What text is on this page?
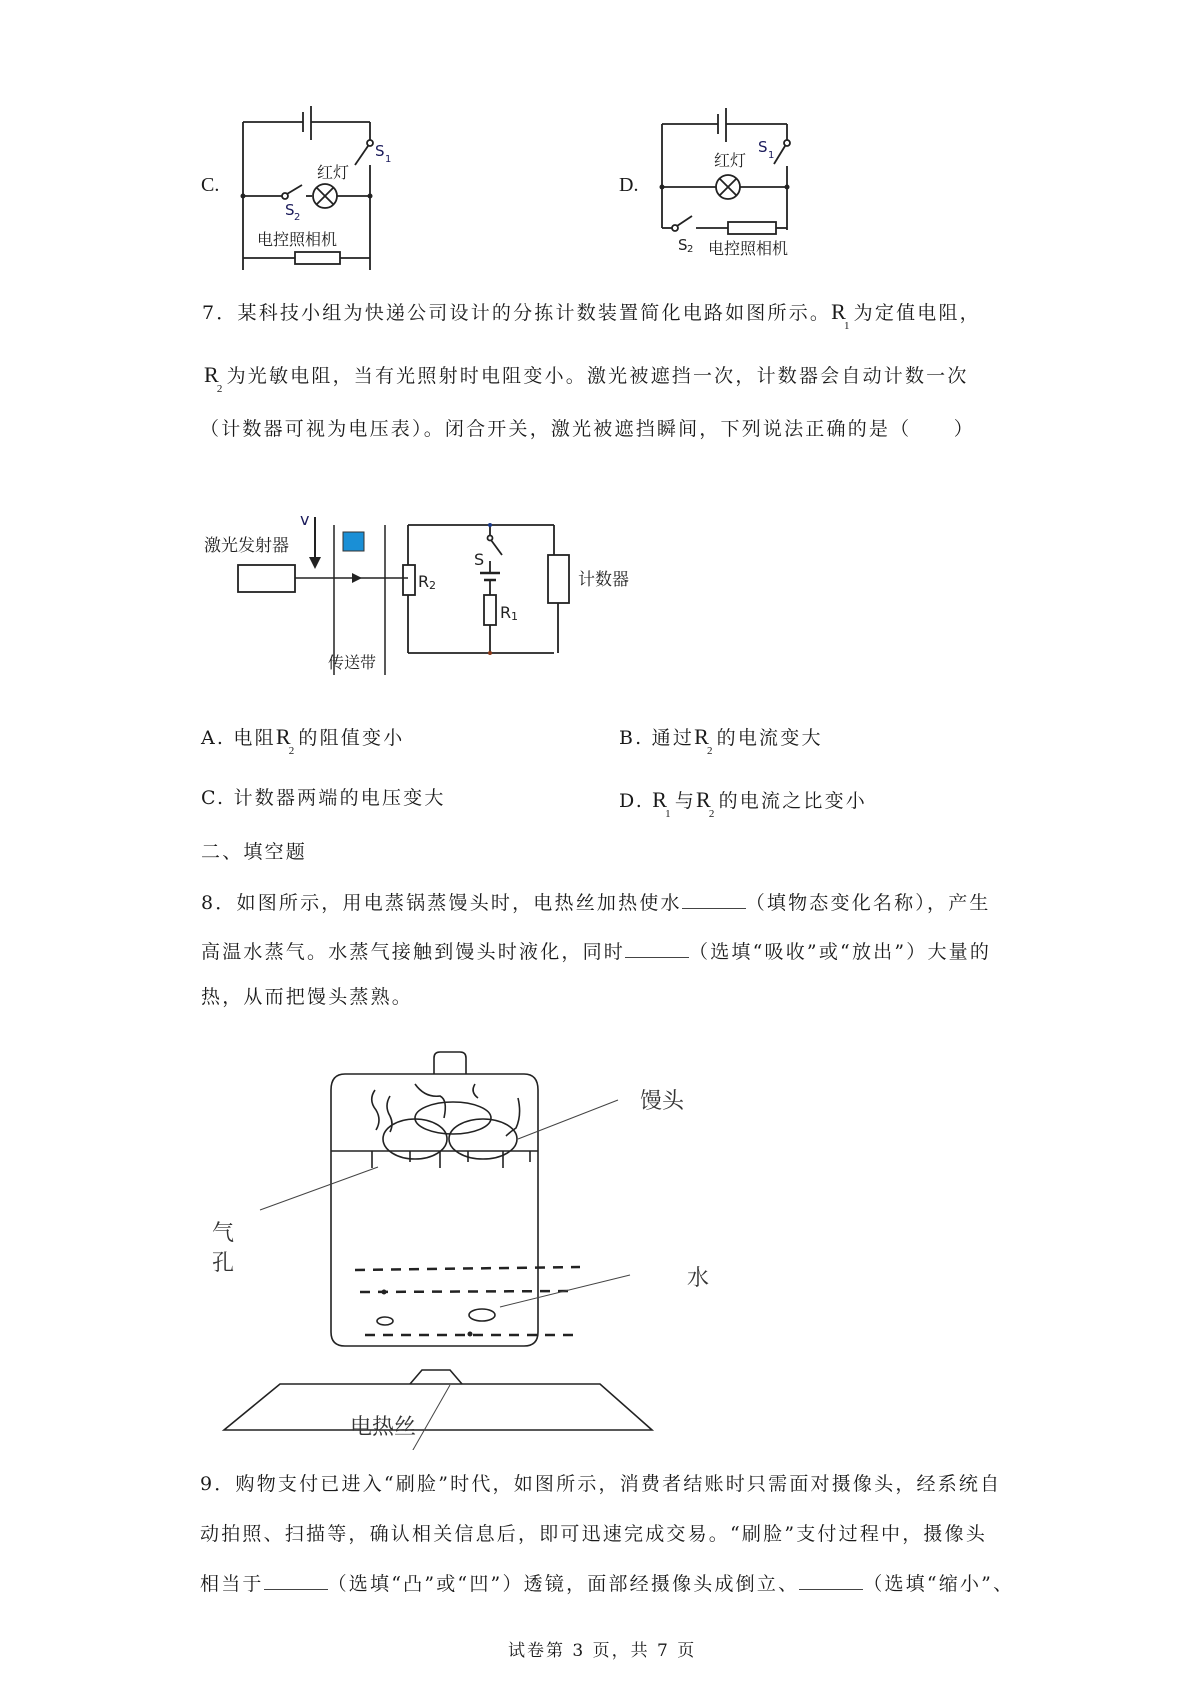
C.
S 1
红灯
S 2
电控照相机
D.
S 1
红灯
S 2 电控照相机
7．某科技小组为快递公司设计的分拣计数装置简化电路如图所示。$R_1$为定值电阻，
$R_2$为光敏电阻，当有光照射时电阻变小。激光被遮挡一次，计数器会自动计数一次
（计数器可视为电压表）。闭合开关，激光被遮挡瞬间，下列说法正确的是（　　）
激光发射器
v
R 2
S
R 1
计数器
传送带
A. 电阻$R_2$的阻值变小	B. 通过$R_2$的电流变大
C. 计数器两端的电压变大	D. $R_1$与$R_2$的电流之比变小
二、填空题
8．如图所示，用电蒸锅蒸馒头时，电热丝加热使水	（填物态变化名称），产生
高温水蒸气。水蒸气接触到馒头时液化，同时	（选填“吸收”或“放出”）大量的
热，从而把馒头蒸熟。
馒头
气
孔
水
电热丝
9．购物支付已进入“刷脸”时代，如图所示，消费者结账时只需面对摄像头，经系统自
动拍照、扫描等，确认相关信息后，即可迅速完成交易。“刷脸”支付过程中，摄像头
相当于	（选填“凸”或“凹”）透镜，面部经摄像头成倒立、	（选填“缩小”、
试卷第 3 页，共 7 页
